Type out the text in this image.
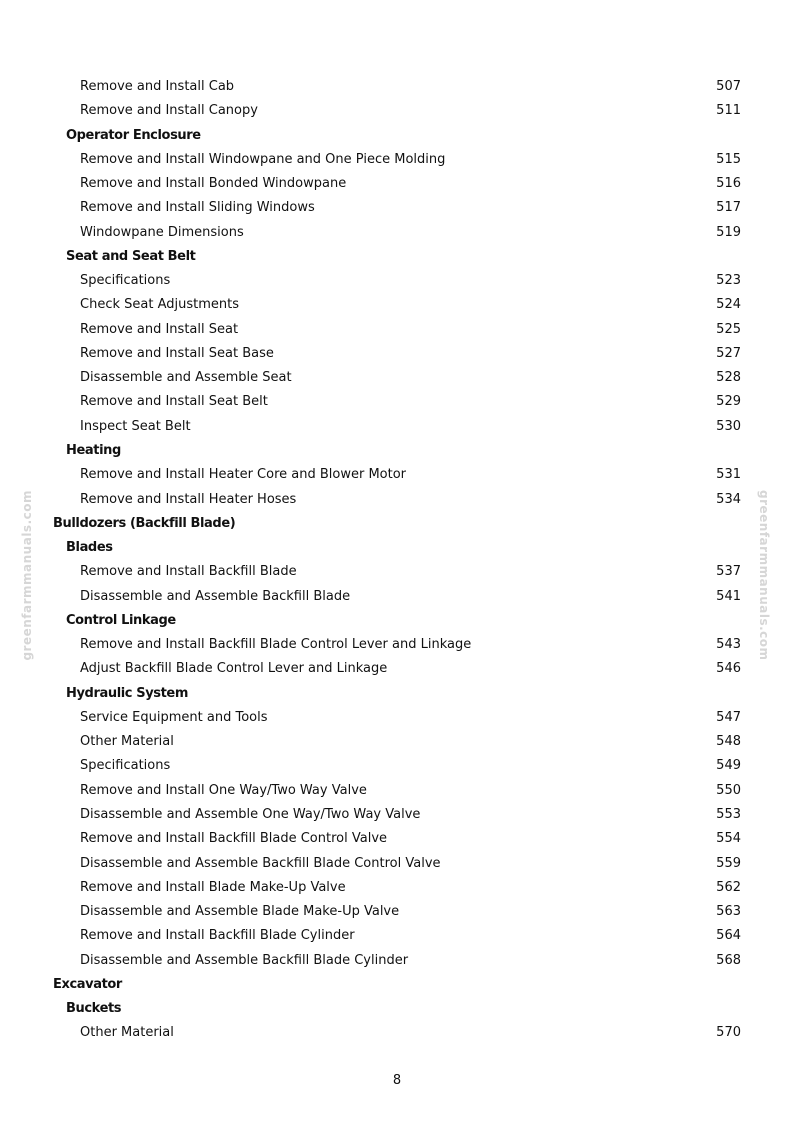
greenfarmmanuals.com	greenfarmmanuals.com
Remove and Install Cab	507
Remove and Install Canopy	511
Operator Enclosure
Remove and Install Windowpane and One Piece Molding	515
Remove and Install Bonded Windowpane	516
Remove and Install Sliding Windows	517
Windowpane Dimensions	519
Seat and Seat Belt
Specifications	523
Check Seat Adjustments	524
Remove and Install Seat	525
Remove and Install Seat Base	527
Disassemble and Assemble Seat	528
Remove and Install Seat Belt	529
Inspect Seat Belt	530
Heating
Remove and Install Heater Core and Blower Motor	531
Remove and Install Heater Hoses	534
Bulldozers (Backfill Blade)
Blades
Remove and Install Backfill Blade	537
Disassemble and Assemble Backfill Blade	541
Control Linkage
Remove and Install Backfill Blade Control Lever and Linkage	543
Adjust Backfill Blade Control Lever and Linkage	546
Hydraulic System
Service Equipment and Tools	547
Other Material	548
Specifications	549
Remove and Install One Way/Two Way Valve	550
Disassemble and Assemble One Way/Two Way Valve	553
Remove and Install Backfill Blade Control Valve	554
Disassemble and Assemble Backfill Blade Control Valve	559
Remove and Install Blade Make-Up Valve	562
Disassemble and Assemble Blade Make-Up Valve	563
Remove and Install Backfill Blade Cylinder	564
Disassemble and Assemble Backfill Blade Cylinder	568
Excavator
Buckets
Other Material	570
8
